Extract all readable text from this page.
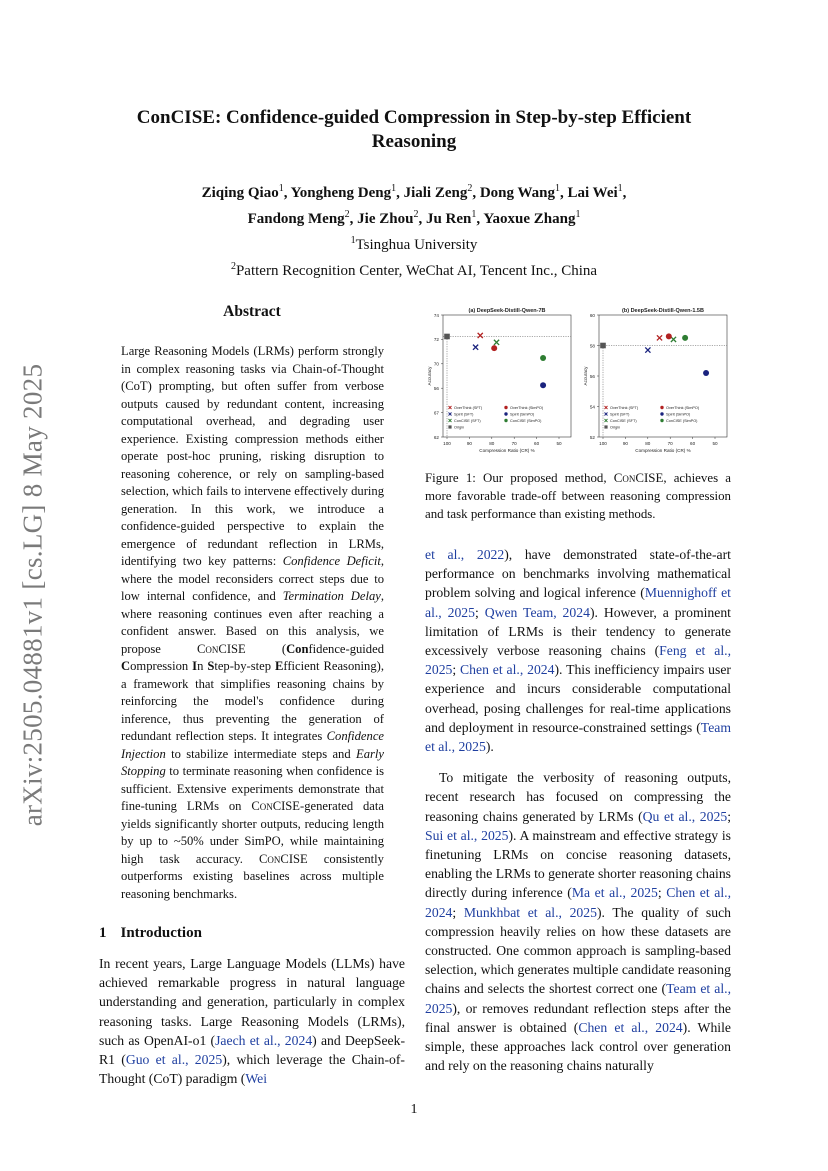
arXiv:2505.04881v1 [cs.LG] 8 May 2025
ConCISE: Confidence-guided Compression in Step-by-step Efficient Reasoning
Ziqing Qiao$^1$, Yongheng Deng$^1$, Jiali Zeng$^2$, Dong Wang$^1$, Lai Wei$^1$,
Fandong Meng$^2$, Jie Zhou$^2$, Ju Ren$^1$, Yaoxue Zhang$^1$
$^1$Tsinghua University
$^2$Pattern Recognition Center, WeChat AI, Tencent Inc., China
Abstract

Large Reasoning Models (LRMs) perform strongly in complex reasoning tasks via Chain-of-Thought (CoT) prompting, but often suffer from verbose outputs caused by redundant content, increasing computational overhead, and degrading user experience. Existing compression methods either operate post-hoc pruning, risking disruption to reasoning coherence, or rely on sampling-based selection, which fails to intervene effectively during generation. In this work, we introduce a confidence-guided perspective to explain the emergence of redundant reflection in LRMs, identifying two key patterns: Confidence Deficit, where the model reconsiders correct steps due to low internal confidence, and Termination Delay, where reasoning continues even after reaching a confident answer. Based on this analysis, we propose ConCISE (Confidence-guided Compression In Step-by-step Efficient Reasoning), a framework that simplifies reasoning chains by reinforcing the model's confidence during inference, thus preventing the generation of redundant reflection steps. It integrates Confidence Injection to stabilize intermediate steps and Early Stopping to terminate reasoning when confidence is sufficient. Extensive experiments demonstrate that fine-tuning LRMs on ConCISE-generated data yields significantly shorter outputs, reducing length by up to ~50% under SimPO, while maintaining high task accuracy. ConCISE consistently outperforms existing baselines across multiple reasoning benchmarks.

1 Introduction

In recent years, Large Language Models (LLMs) have achieved remarkable progress in natural language understanding and generation, particularly in complex reasoning tasks. Large Reasoning Models (LRMs), such as OpenAI-o1 (Jaech et al., 2024) and DeepSeek-R1 (Guo et al., 2025), which leverage the Chain-of-Thought (CoT) paradigm (Wei

(a) DeepSeek-Distill-Qwen-7B
62
67
56
70
72
74
100	90	80	70	60	50
Compression Ratio (CR) %
Accuracy
OverThink (SFT)	OverThink (SimPO)
Spirit (SFT)	Spirit (SimPO)
ConCISE (SFT)	ConCISE (SimPO)
Origin
(b) DeepSeek-Distill-Qwen-1.5B
52
54
56
58
60
100	90	80	70	60	50
Compression Ratio (CR) %
Accuracy
OverThink (SFT)	OverThink (SimPO)
Spirit (SFT)	Spirit (SimPO)
ConCISE (SFT)	ConCISE (SimPO)
Origin

Figure 1: Our proposed method, ConCISE, achieves a more favorable trade-off between reasoning compression and task performance than existing methods.

et al., 2022), have demonstrated state-of-the-art performance on benchmarks involving mathematical problem solving and logical inference (Muennighoff et al., 2025; Qwen Team, 2024). However, a prominent limitation of LRMs is their tendency to generate excessively verbose reasoning chains (Feng et al., 2025; Chen et al., 2024). This inefficiency impairs user experience and incurs considerable computational overhead, posing challenges for real-time applications and deployment in resource-constrained settings (Team et al., 2025).

To mitigate the verbosity of reasoning outputs, recent research has focused on compressing the reasoning chains generated by LRMs (Qu et al., 2025; Sui et al., 2025). A mainstream and effective strategy is finetuning LRMs on concise reasoning datasets, enabling the LRMs to generate shorter reasoning chains directly during inference (Ma et al., 2025; Chen et al., 2024; Munkhbat et al., 2025). The quality of such compression heavily relies on how these datasets are constructed. One common approach is sampling-based selection, which generates multiple candidate reasoning chains and selects the shortest correct one (Team et al., 2025), or removes redundant reflection steps after the final answer is obtained (Chen et al., 2024). While simple, these approaches lack control over generation and rely on the reasoning chains naturally

1
